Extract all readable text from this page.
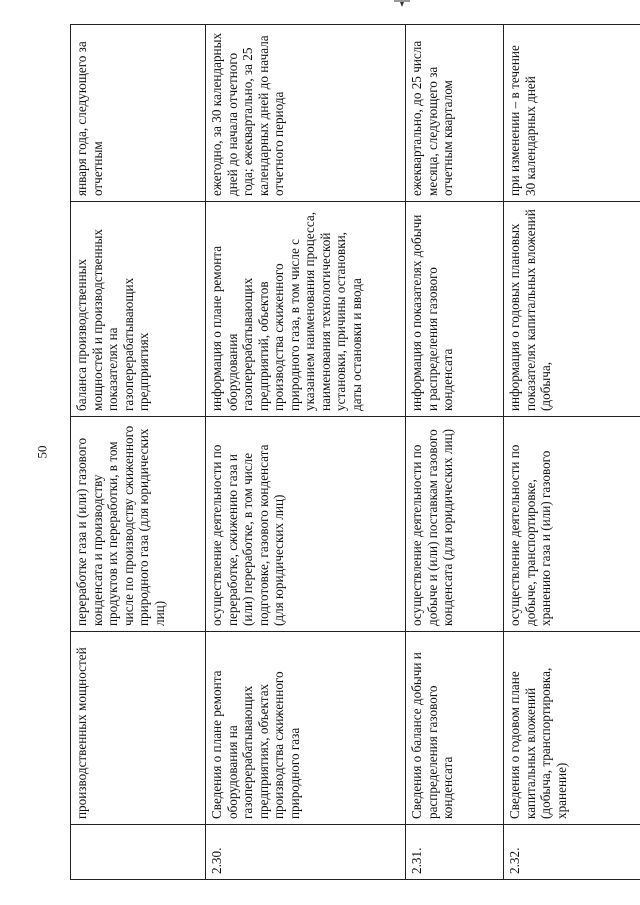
50
	производственных мощностей	переработке газа и (или) газового конденсата и производству продуктов их переработки, в том числе по производству сжиженного природного газа (для юридических лиц)	баланса производственных мощностей и производственных показателях на газоперерабатывающих предприятиях	января года, следующего за отчетным
2.30.	Сведения о плане ремонта оборудования на газоперерабатывающих предприятиях, объектах производства сжиженного природного газа	осуществление деятельности по переработке, сжижению газа и (или) переработке, в том числе подготовке, газового конденсата (для юридических лиц)	информация о плане ремонта оборудования газоперерабатывающих предприятий, объектов производства сжиженного природного газа, в том числе с указанием наименования процесса, наименования технологической установки, причины остановки, даты остановки и ввода	ежегодно, за 30 календарных дней до начала отчетного года; ежеквартально, за 25 календарных дней до начала отчетного периода
2.31.	Сведения о балансе добычи и распределения газового конденсата	осуществление деятельности по добыче и (или) поставкам газового конденсата (для юридических лиц)	информация о показателях добычи и распределения газового конденсата	ежеквартально, до 25 числа месяца, следующего за отчетным кварталом
2.32.	Сведения о годовом плане капитальных вложений (добыча, транспортировка, хранение)	осуществление деятельности по добыче, транспортировке, хранению газа и (или) газового	информация о годовых плановых показателях капитальных вложений (добыча,	при изменении – в течение 30 календарных дней
